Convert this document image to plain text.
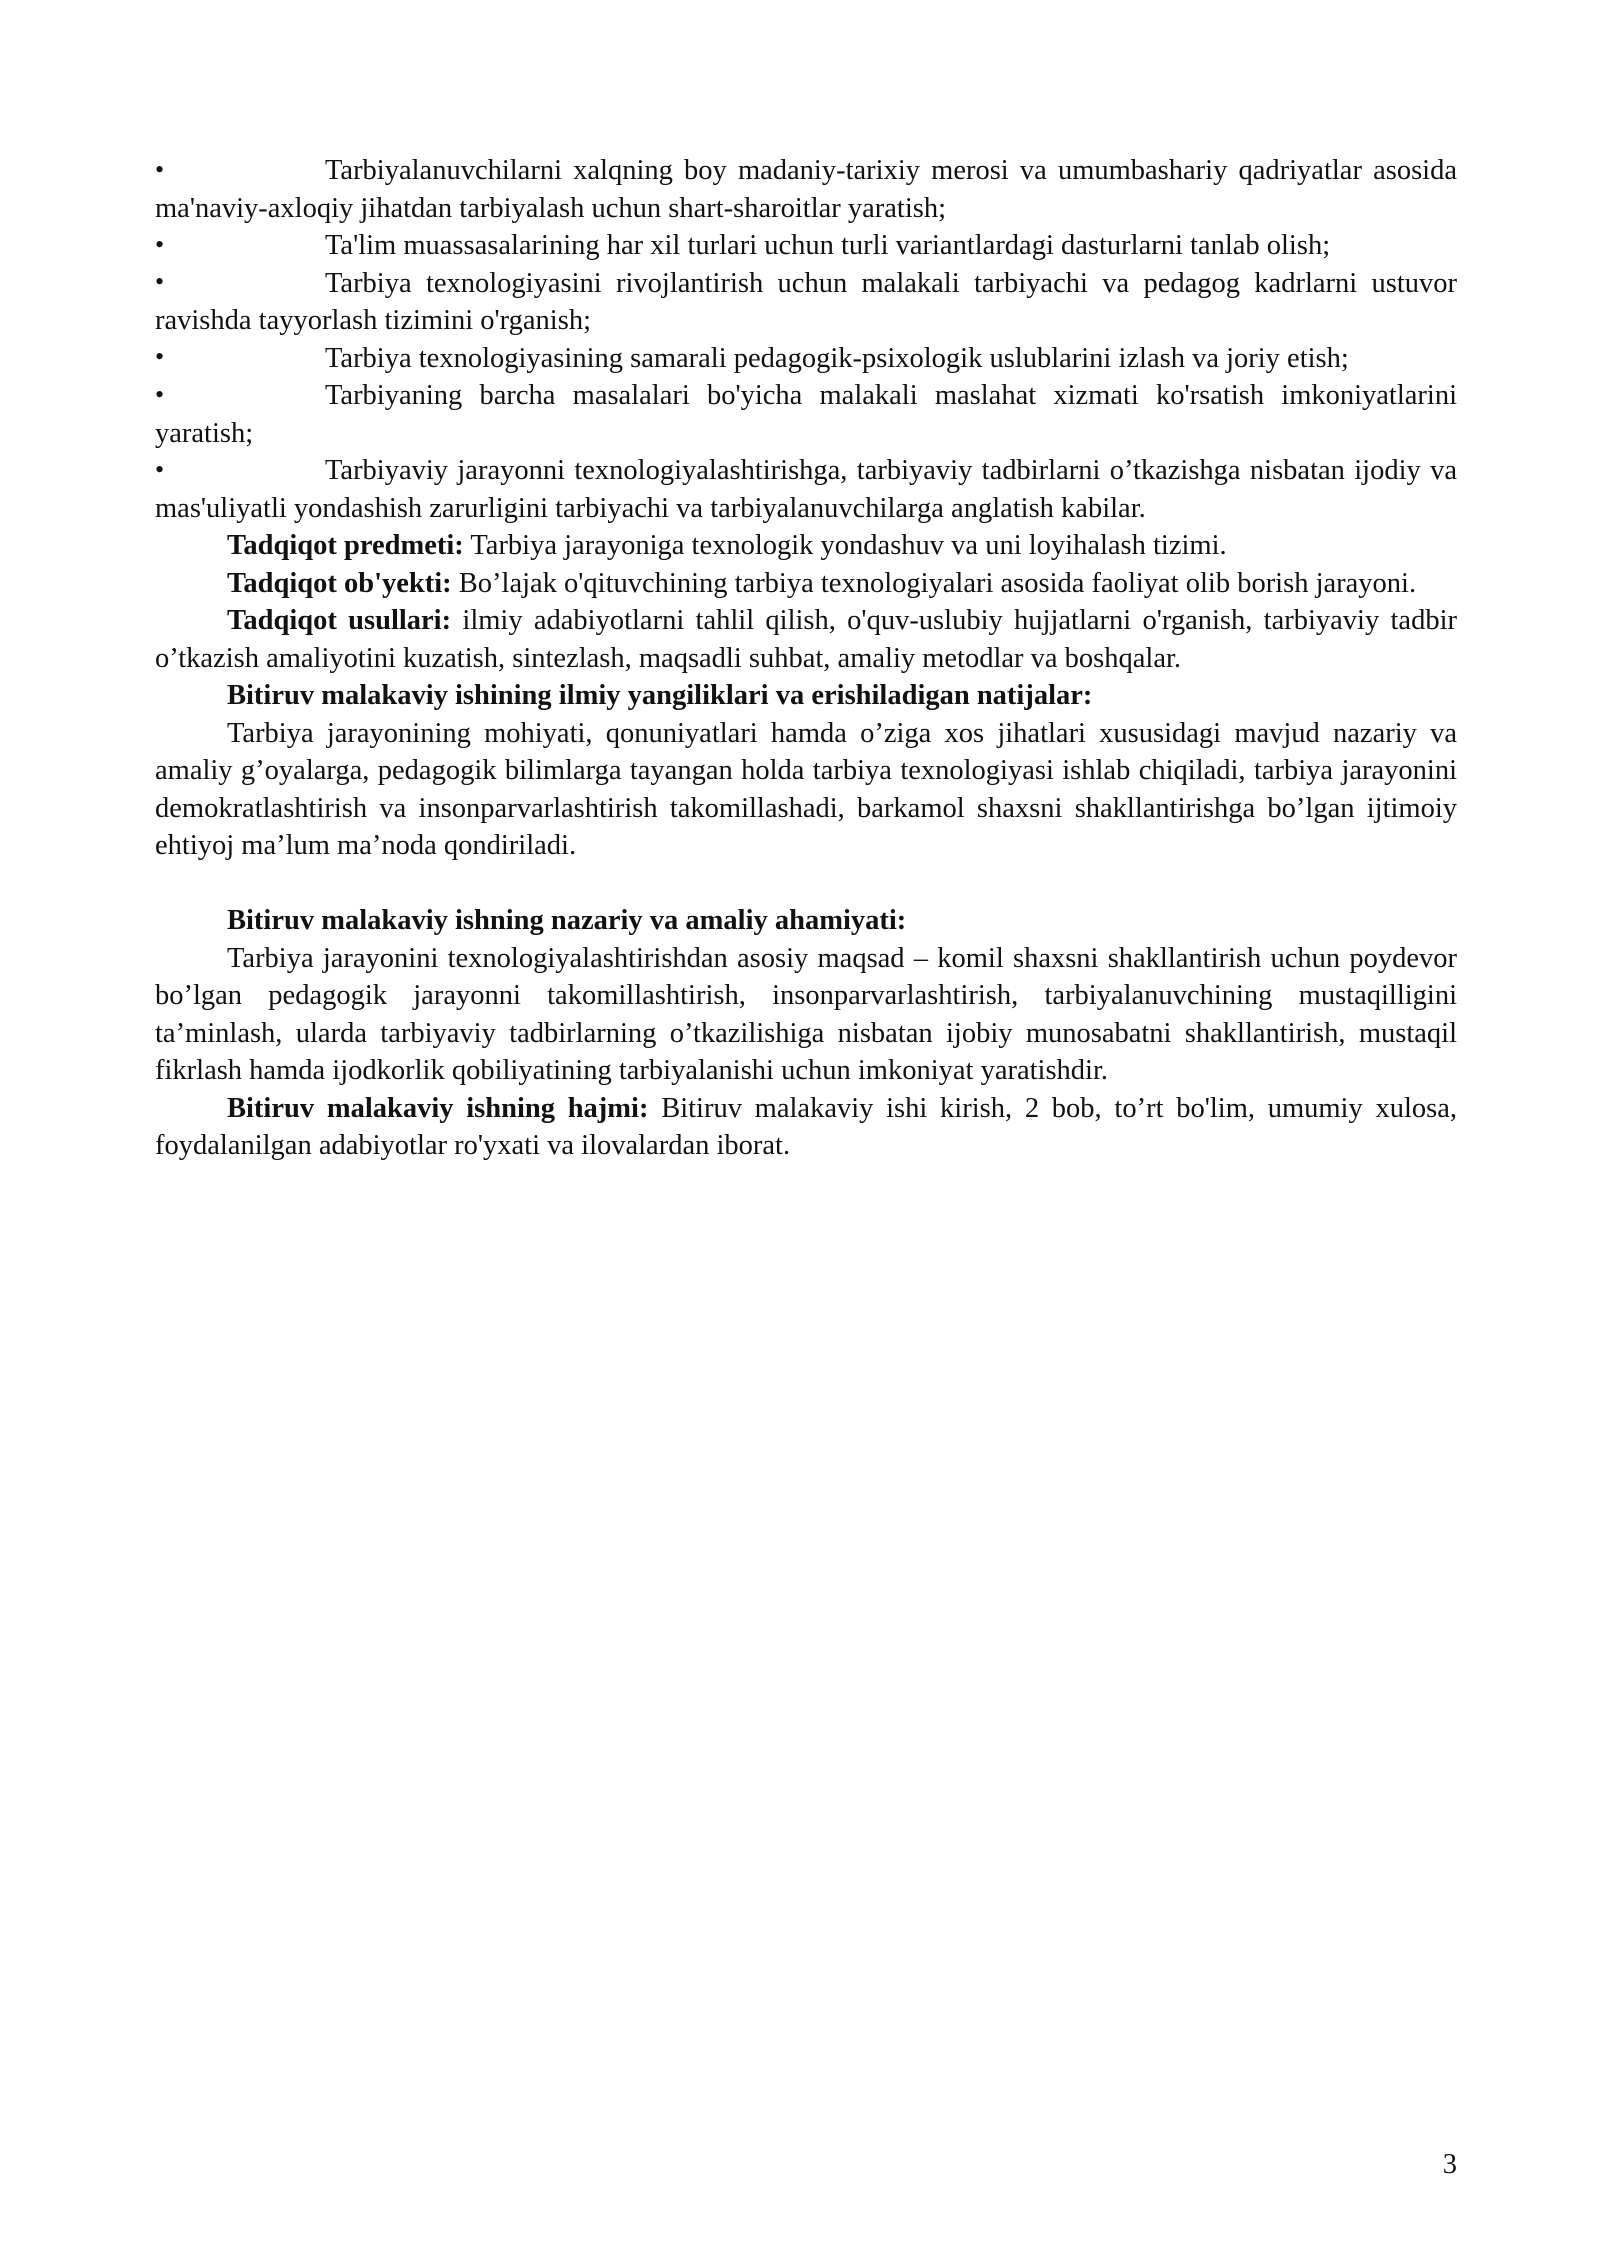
•	Tarbiyalanuvchilarni xalqning boy madaniy-tarixiy merosi va umumbashariy qadriyatlar asosida ma'naviy-axloqiy jihatdan tarbiyalash uchun shart-sharoitlar yaratish;
•	Ta'lim muassasalarining har xil turlari uchun turli variantlardagi dasturlarni tanlab olish;
•	Tarbiya texnologiyasini rivojlantirish uchun malakali tarbiyachi va pedagog kadrlarni ustuvor ravishda tayyorlash tizimini o'rganish;
•	Tarbiya texnologiyasining samarali pedagogik-psixologik uslublarini izlash va joriy etish;
•	Tarbiyaning barcha masalalari bo'yicha malakali maslahat xizmati ko'rsatish imkoniyatlarini yaratish;
•	Tarbiyaviy jarayonni texnologiyalashtirishga, tarbiyaviy tadbirlarni o’tkazishga nisbatan ijodiy va mas'uliyatli yondashish zarurligini tarbiyachi va tarbiyalanuvchilarga anglatish kabilar.

Tadqiqot predmeti: Tarbiya jarayoniga texnologik yondashuv va uni loyihalash tizimi.

Tadqiqot ob'yekti: Bo’lajak o'qituvchining tarbiya texnologiyalari asosida faoliyat olib borish jarayoni.

Tadqiqot usullari: ilmiy adabiyotlarni tahlil qilish, o'quv-uslubiy hujjatlarni o'rganish, tarbiyaviy tadbir o’tkazish amaliyotini kuzatish, sintezlash, maqsadli suhbat, amaliy metodlar va boshqalar.

Bitiruv malakaviy ishining ilmiy yangiliklari va erishiladigan natijalar:

Tarbiya jarayonining mohiyati, qonuniyatlari hamda o’ziga xos jihatlari xususidagi mavjud nazariy va amaliy g’oyalarga, pedagogik bilimlarga tayangan holda tarbiya texnologiyasi ishlab chiqiladi, tarbiya jarayonini demokratlashtirish va insonparvarlashtirish takomillashadi, barkamol shaxsni shakllantirishga bo’lgan ijtimoiy ehtiyoj ma’lum ma’noda qondiriladi.

Bitiruv malakaviy ishning nazariy va amaliy ahamiyati:

Tarbiya jarayonini texnologiyalashtirishdan asosiy maqsad – komil shaxsni shakllantirish uchun poydevor bo’lgan pedagogik jarayonni takomillashtirish, insonparvarlashtirish, tarbiyalanuvchining mustaqilligini ta’minlash, ularda tarbiyaviy tadbirlarning o’tkazilishiga nisbatan ijobiy munosabatni shakllantirish, mustaqil fikrlash hamda ijodkorlik qobiliyatining tarbiyalanishi uchun imkoniyat yaratishdir.

Bitiruv malakaviy ishning hajmi: Bitiruv malakaviy ishi kirish, 2 bob, to’rt bo'lim, umumiy xulosa, foydalanilgan adabiyotlar ro'yxati va ilovalardan iborat.

3
